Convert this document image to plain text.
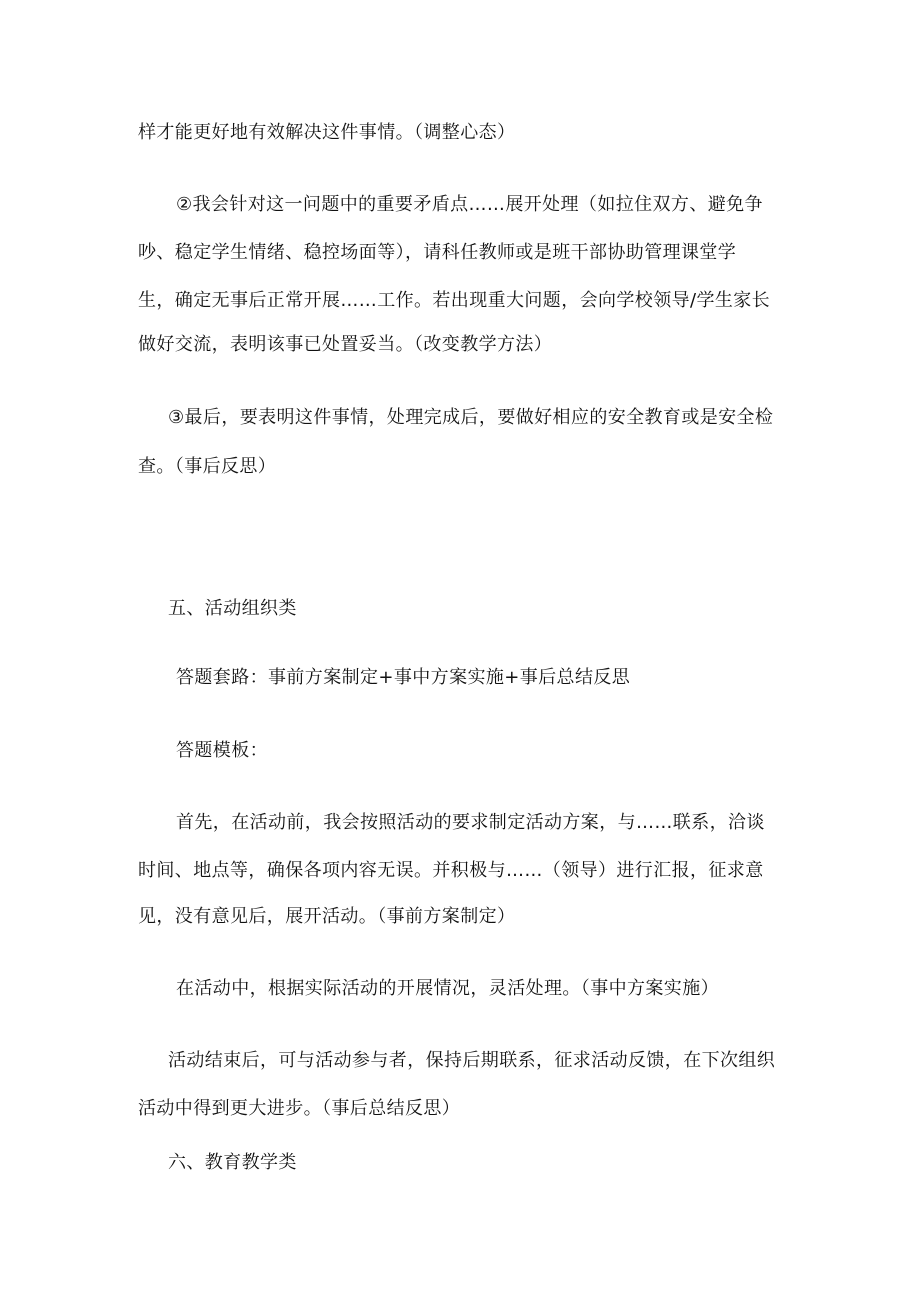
样才能更好地有效解决这件事情。（调整心态）
②我会针对这一问题中的重要矛盾点……展开处理（如拉住双方、避免争
吵、稳定学生情绪、稳控场面等），请科任教师或是班干部协助管理课堂学
生，确定无事后正常开展……工作。若出现重大问题，会向学校领导/学生家长
做好交流，表明该事已处置妥当。（改变教学方法）
③最后，要表明这件事情，处理完成后，要做好相应的安全教育或是安全检
查。（事后反思）
五、活动组织类
答题套路：事前方案制定+事中方案实施+事后总结反思
答题模板：
首先，在活动前，我会按照活动的要求制定活动方案，与……联系，洽谈
时间、地点等，确保各项内容无误。并积极与……（领导）进行汇报，征求意
见，没有意见后，展开活动。（事前方案制定）
在活动中，根据实际活动的开展情况，灵活处理。（事中方案实施）
活动结束后，可与活动参与者，保持后期联系，征求活动反馈，在下次组织
活动中得到更大进步。（事后总结反思）
六、教育教学类
